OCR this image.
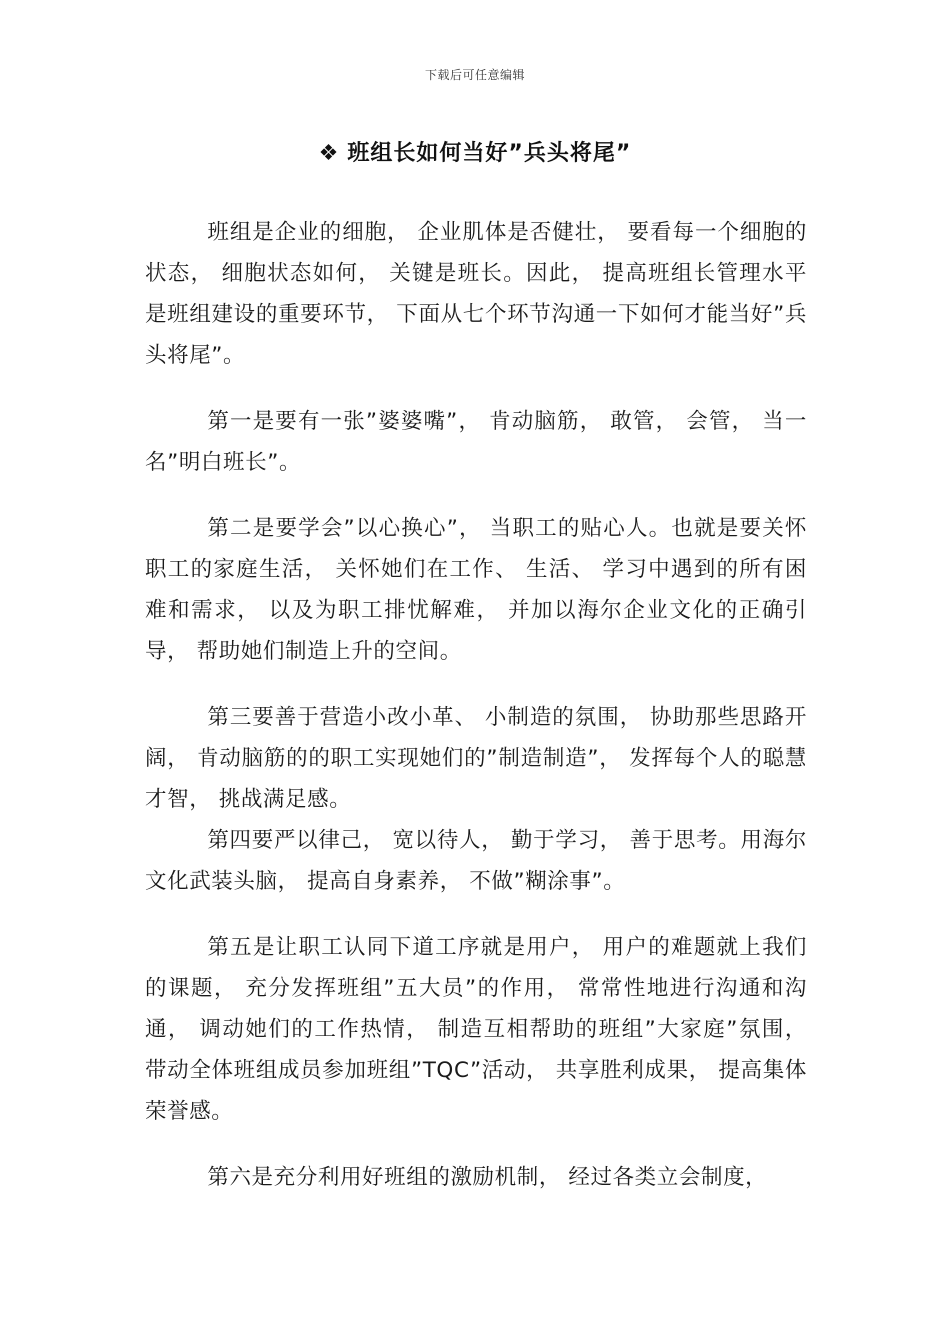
下载后可任意编辑
❖ 班组长如何当好”兵头将尾”

班组是企业的细胞， 企业肌体是否健壮， 要看每一个细胞的状态， 细胞状态如何， 关键是班长。因此， 提高班组长管理水平是班组建设的重要环节， 下面从七个环节沟通一下如何才能当好”兵头将尾”。

第一是要有一张”婆婆嘴”， 肯动脑筋， 敢管， 会管， 当一名”明白班长”。

第二是要学会”以心换心”， 当职工的贴心人。也就是要关怀职工的家庭生活， 关怀她们在工作、 生活、 学习中遇到的所有困难和需求， 以及为职工排忧解难， 并加以海尔企业文化的正确引导， 帮助她们制造上升的空间。

第三要善于营造小改小革、 小制造的氛围， 协助那些思路开阔， 肯动脑筋的的职工实现她们的”制造制造”， 发挥每个人的聪慧才智， 挑战满足感。

第四要严以律己， 宽以待人， 勤于学习， 善于思考。用海尔文化武装头脑， 提高自身素养， 不做”糊涂事”。

第五是让职工认同下道工序就是用户， 用户的难题就上我们的课题， 充分发挥班组”五大员”的作用， 常常性地进行沟通和沟通， 调动她们的工作热情， 制造互相帮助的班组”大家庭”氛围， 带动全体班组成员参加班组”TQC”活动， 共享胜利成果， 提高集体荣誉感。

第六是充分利用好班组的激励机制， 经过各类立会制度，
